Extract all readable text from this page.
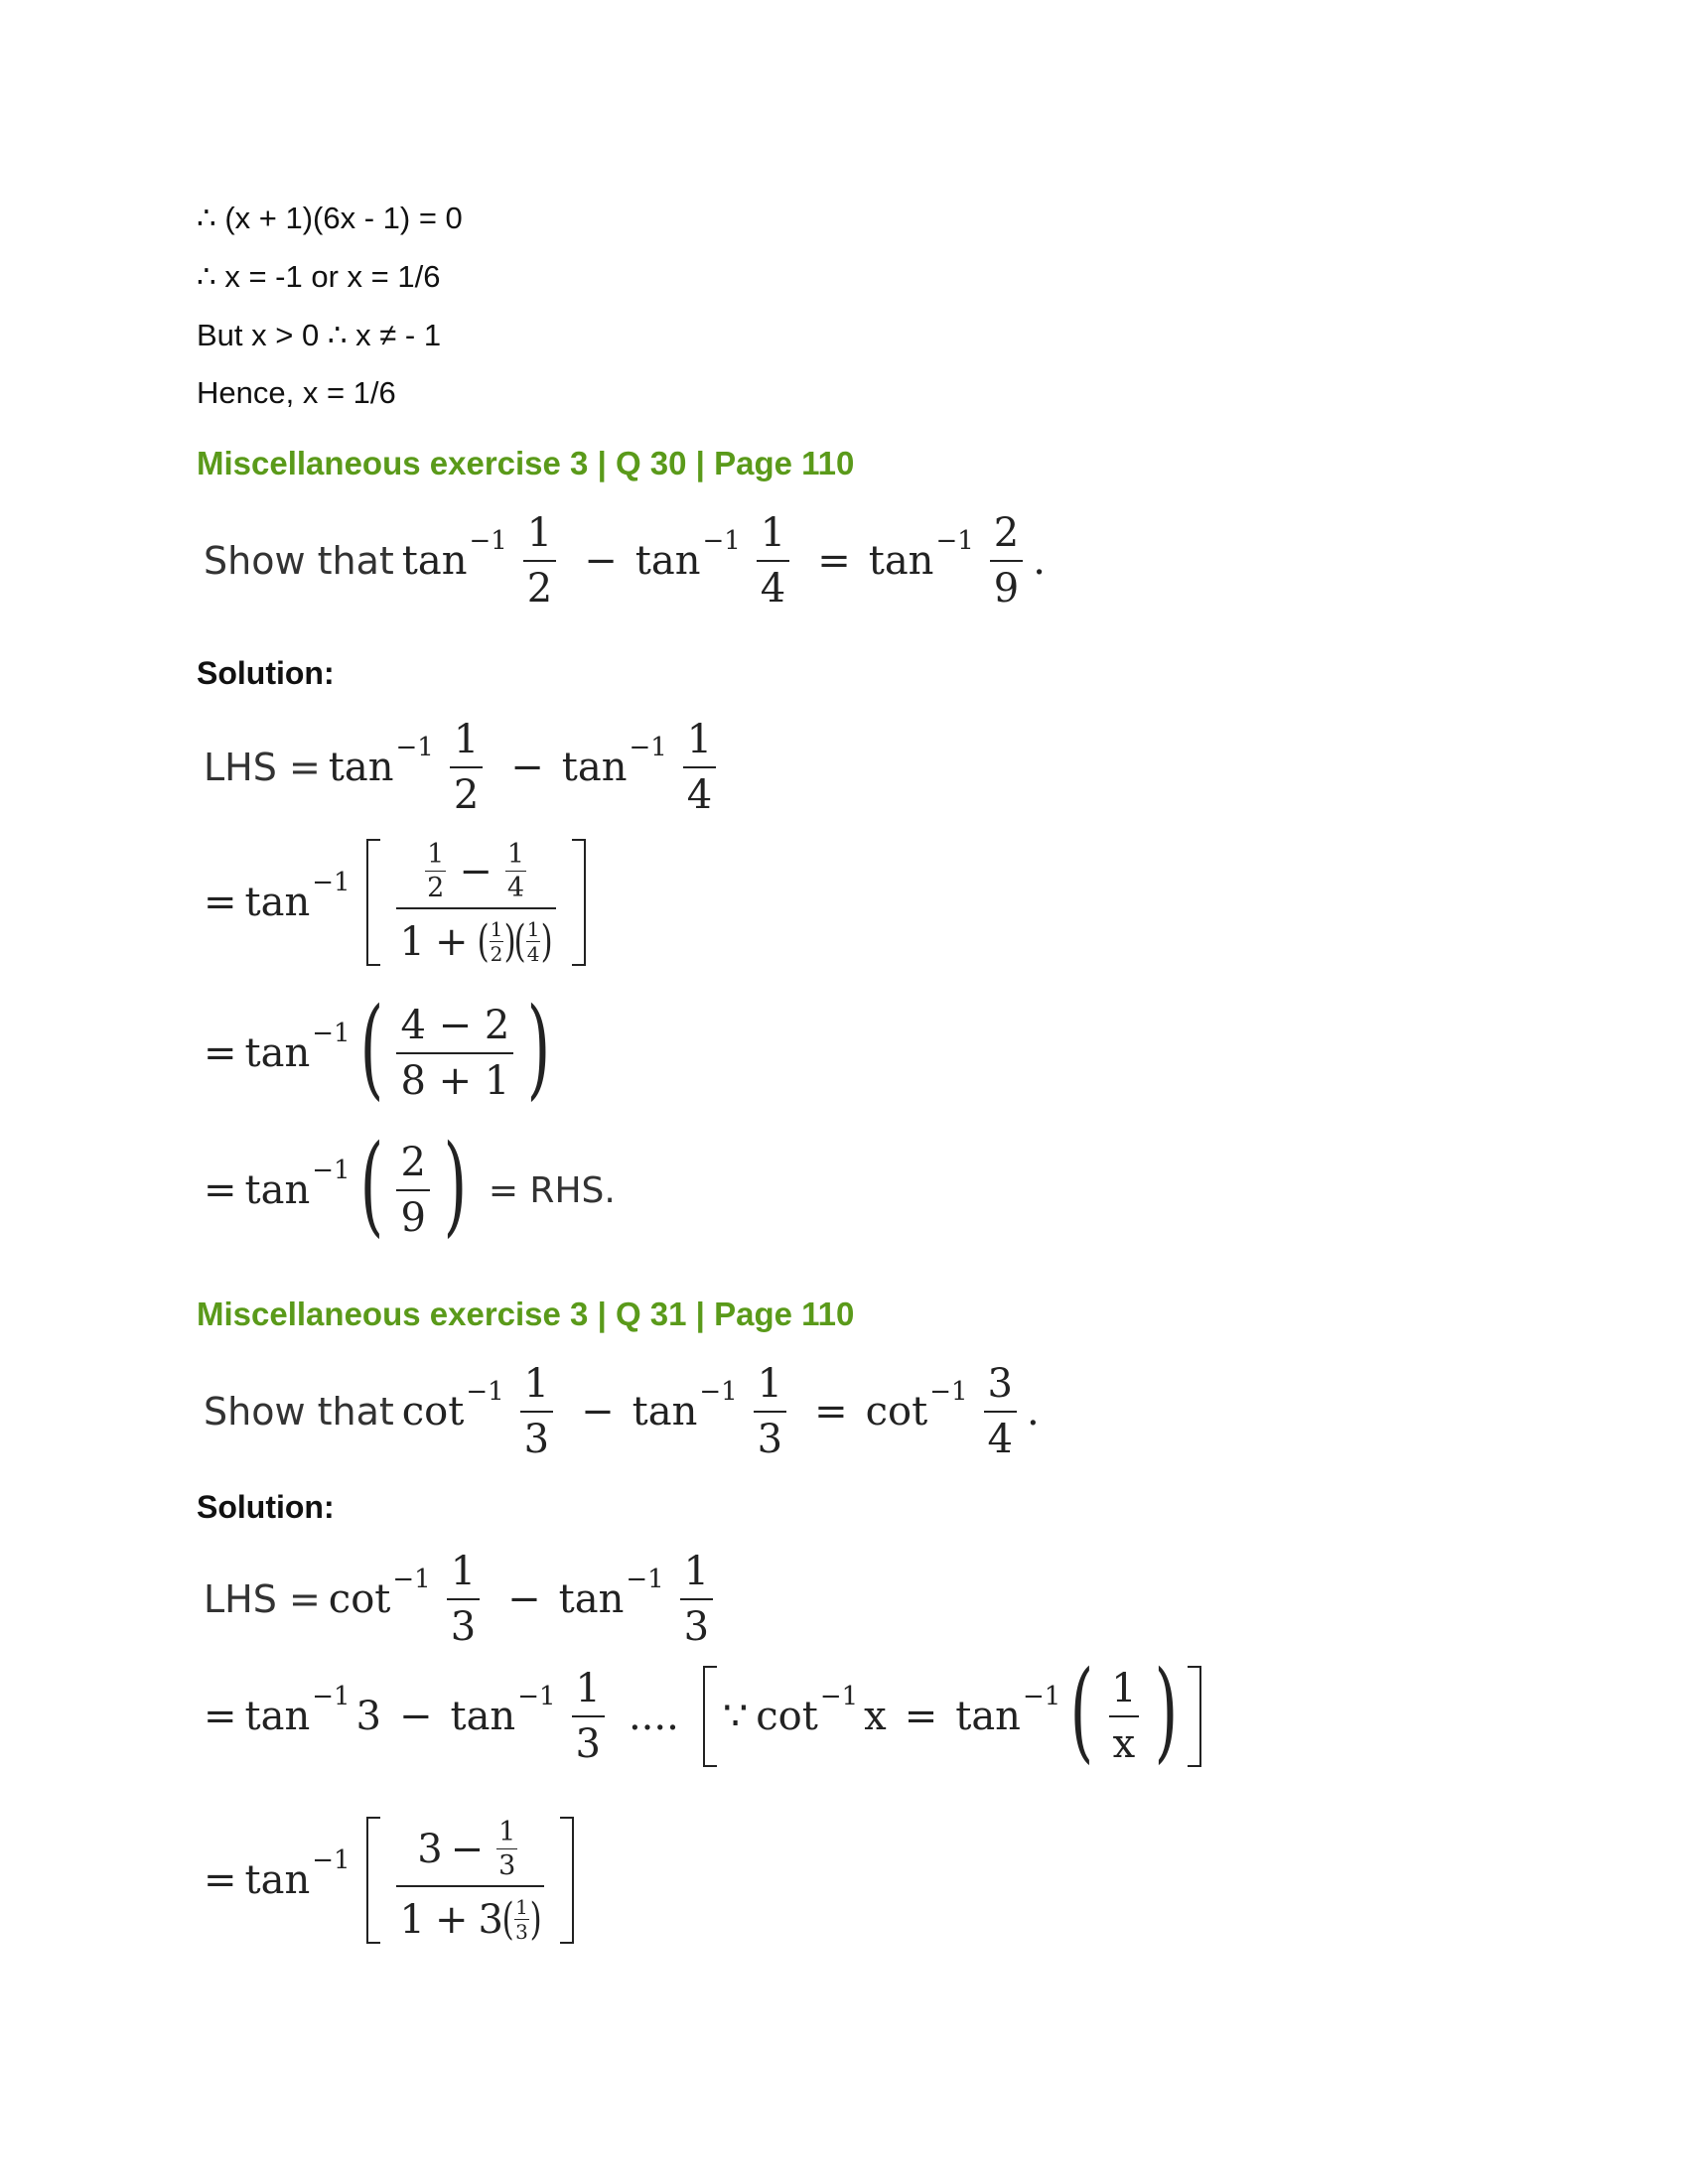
∴ (x + 1)(6x - 1) = 0
∴ x = -1 or x = 1/6
But x > 0 ∴ x ≠ - 1
Hence, x = 1/6
Miscellaneous exercise 3 | Q 30 | Page 110
Show that $\tan -1 \frac{1}{2} - \tan -1 \frac{1}{4} = \tan -1 \frac{2}{9}$ .
Solution:
LHS = $\tan -1 \frac{1}{2} - \tan -1 \frac{1}{4}$
= $\tan -1 \frac{1}{2} - \frac{1}{4}$
1 + ( $\frac{1}{2}$ )
( $\frac{1}{4}$ )
= tan −1 ( $\frac{4 - 2}{8 + 1}$ )
= tan −1 ( $\frac{2}{9}$ ) = RHS.
Miscellaneous exercise 3 | Q 31 | Page 110
Show that $\cot -1 \frac{1}{3} - \tan -1 \frac{1}{3} = \cot -1 \frac{3}{4}$ .
Solution:
LHS = $\cot -1 \frac{1}{3} - \tan -1 \frac{1}{3}$
= tan −1 $3 - \tan -1 \frac{1}{3}$ .... ∵ cot −1 x = tan −1 ( $\frac{1}{x}$ )
= tan −1 $3 - \frac{1}{3}$
1 + 3
( $\frac{1}{3}$ )
